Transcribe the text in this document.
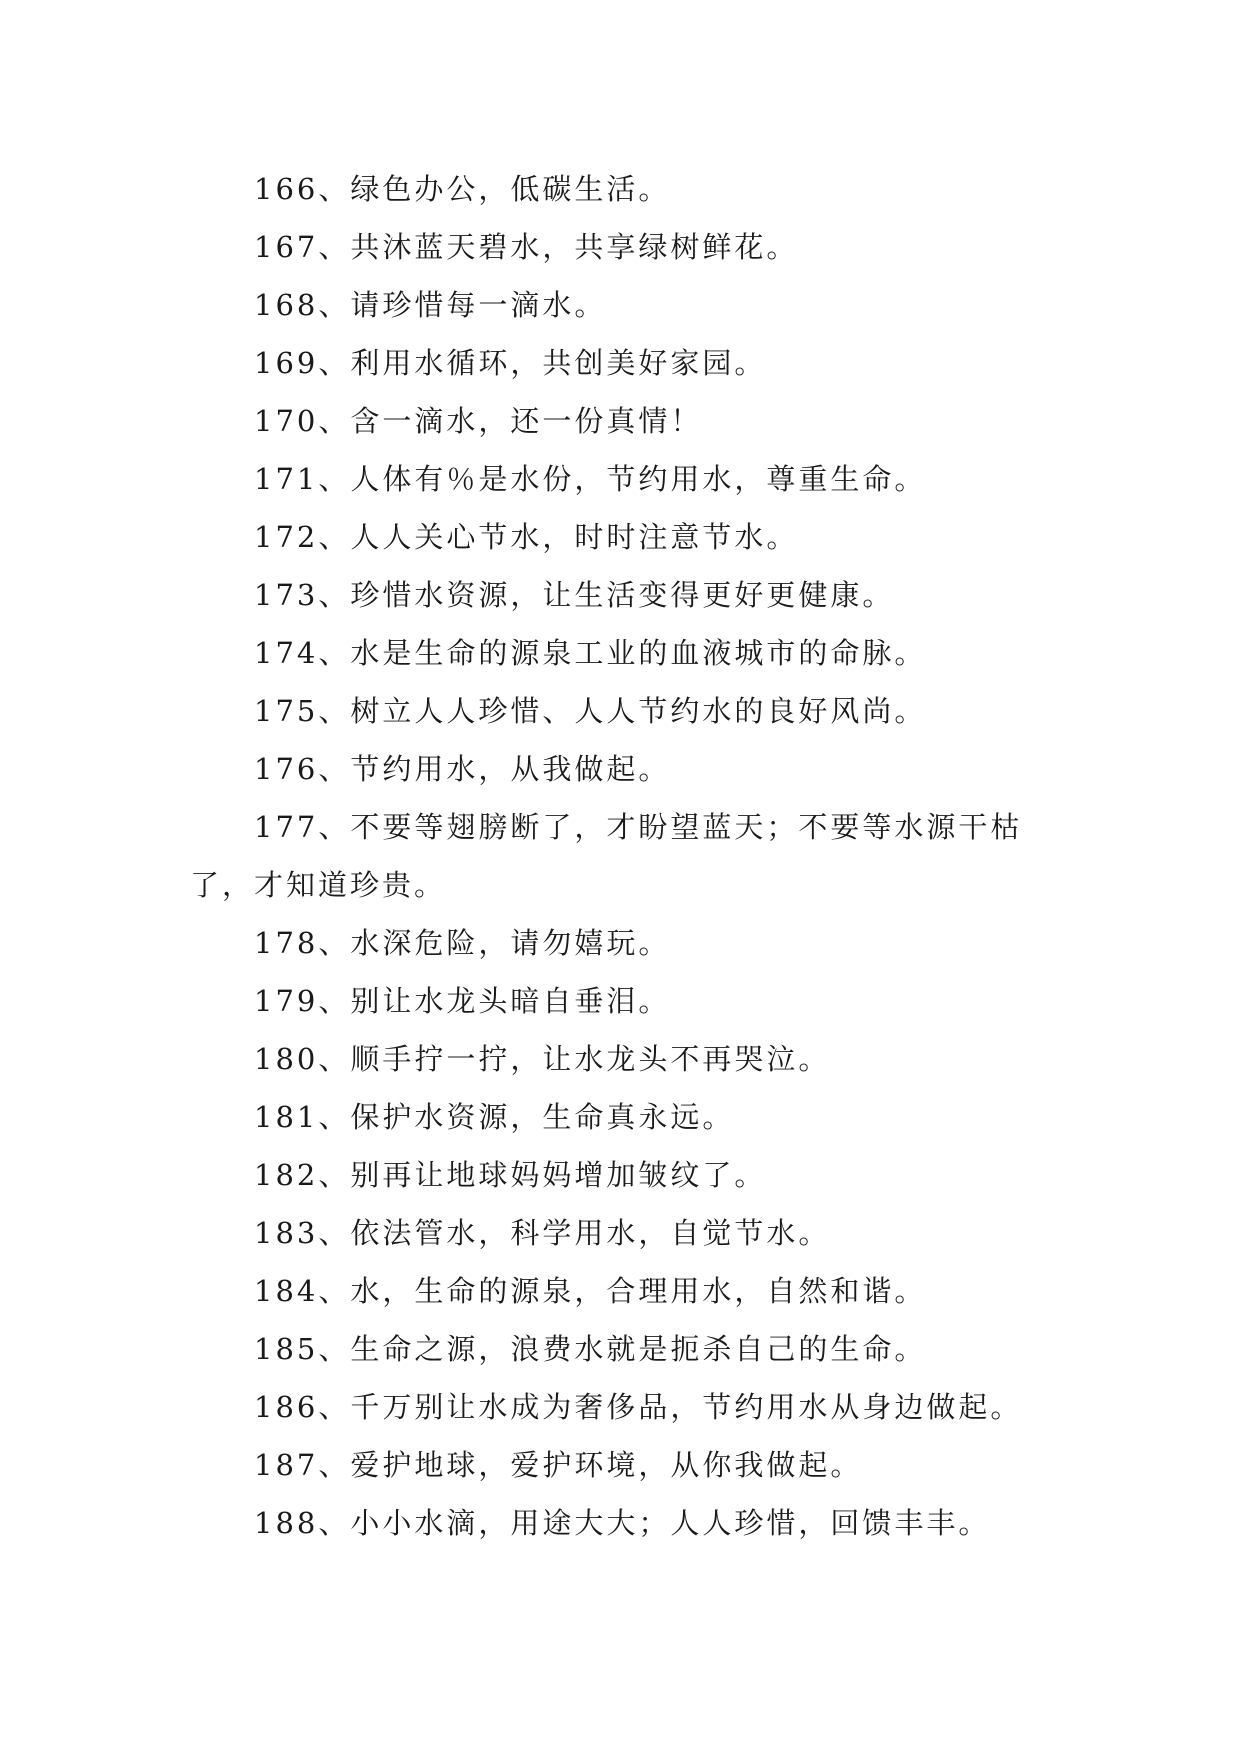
166、绿色办公，低碳生活。

167、共沐蓝天碧水，共享绿树鲜花。

168、请珍惜每一滴水。

169、利用水循环，共创美好家园。

170、含一滴水，还一份真情！

171、人体有％是水份，节约用水，尊重生命。

172、人人关心节水，时时注意节水。

173、珍惜水资源，让生活变得更好更健康。

174、水是生命的源泉工业的血液城市的命脉。

175、树立人人珍惜、人人节约水的良好风尚。

176、节约用水，从我做起。

177、不要等翅膀断了，才盼望蓝天；不要等水源干枯了，才知道珍贵。

178、水深危险，请勿嬉玩。

179、别让水龙头暗自垂泪。

180、顺手拧一拧，让水龙头不再哭泣。

181、保护水资源，生命真永远。

182、别再让地球妈妈增加皱纹了。

183、依法管水，科学用水，自觉节水。

184、水，生命的源泉，合理用水，自然和谐。

185、生命之源，浪费水就是扼杀自己的生命。

186、千万别让水成为奢侈品，节约用水从身边做起。

187、爱护地球，爱护环境，从你我做起。

188、小小水滴，用途大大；人人珍惜，回馈丰丰。
